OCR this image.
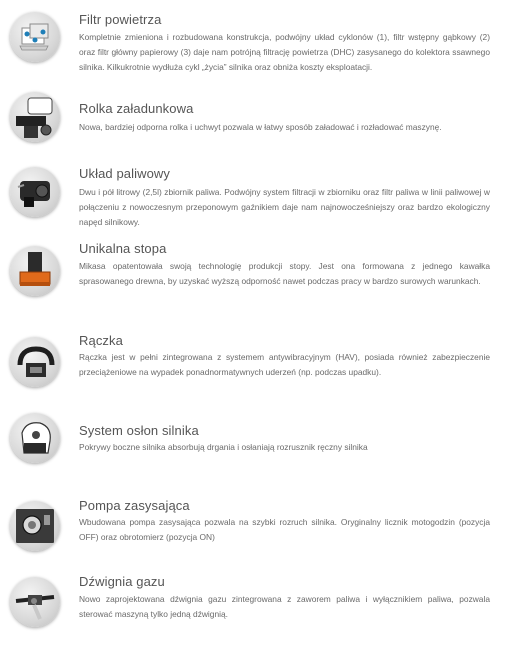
Filtr powietrza

Kompletnie zmieniona i rozbudowana konstrukcja, podwójny układ cyklonów (1), filtr wstępny gąbkowy (2) oraz filtr główny papierowy (3) daje nam potrójną filtrację powietrza (DHC) zasysanego do kolektora ssawnego silnika. Kilkukrotnie wydłuża cykl „życia” silnika oraz obniża koszty eksploatacji.

Rolka załadunkowa

Nowa, bardziej odporna rolka i uchwyt pozwala w łatwy sposób załadować i rozładować maszynę.

Układ paliwowy

Dwu i pół litrowy (2,5l) zbiornik paliwa. Podwójny system filtracji w zbiorniku oraz filtr paliwa w linii paliwowej w połączeniu z nowoczesnym przeponowym gaźnikiem daje nam najnowocześniejszy oraz bardzo ekologiczny napęd silnikowy.

Unikalna stopa

Mikasa opatentowała swoją technologię produkcji stopy. Jest ona formowana z jednego kawałka sprasowanego drewna, by uzyskać wyższą odporność nawet podczas pracy w bardzo surowych warunkach.

Rączka

Rączka jest w pełni zintegrowana z systemem antywibracyjnym (HAV), posiada również zabezpieczenie przeciążeniowe na wypadek ponadnormatywnych uderzeń (np. podczas upadku).

System osłon silnika

Pokrywy boczne silnika absorbują drgania i osłaniają rozrusznik ręczny silnika

Pompa zasysająca

Wbudowana pompa zasysająca pozwala na szybki rozruch silnika. Oryginalny licznik motogodzin (pozycja OFF) oraz obrotomierz (pozycja ON)

Dźwignia gazu

Nowo zaprojektowana dźwignia gazu zintegrowana z zaworem paliwa i wyłącznikiem paliwa, pozwala sterować maszyną tylko jedną dźwignią.
